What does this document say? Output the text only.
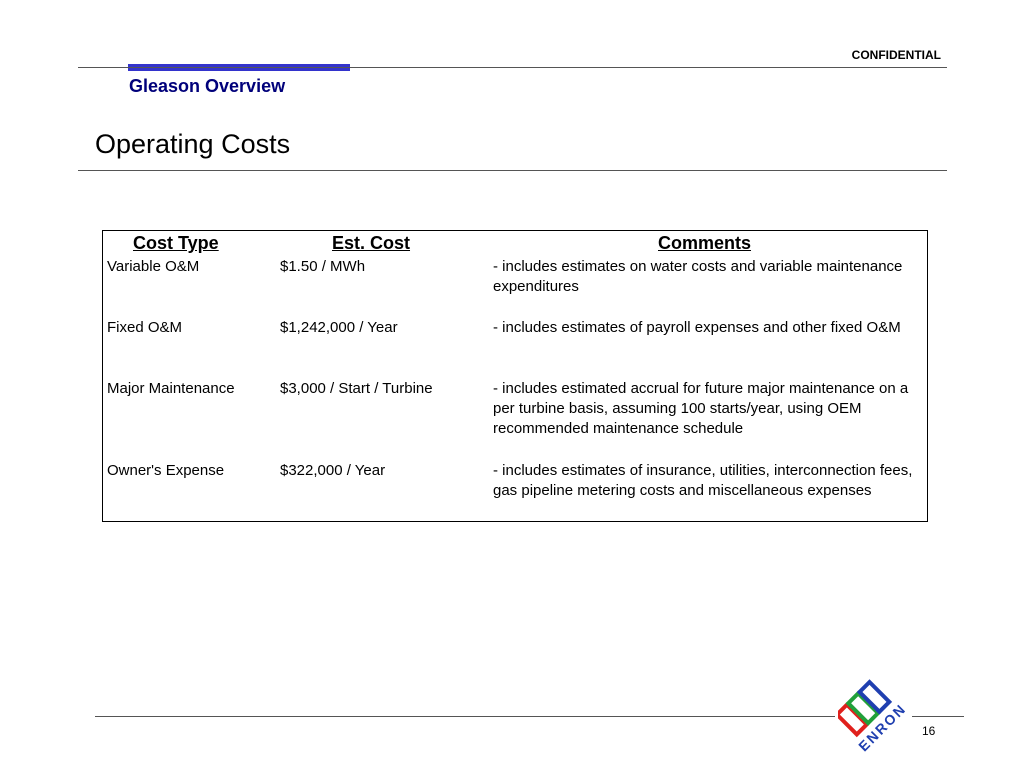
CONFIDENTIAL
Gleason Overview
Operating Costs
Cost Type	Est. Cost	Comments
Variable O&M	$1.50 / MWh	- includes estimates on water costs and variable maintenance expenditures
Fixed O&M	$1,242,000 / Year	- includes estimates of payroll expenses and other fixed O&M
Major Maintenance	$3,000 / Start / Turbine	- includes estimated accrual for future major maintenance on a per turbine basis, assuming 100 starts/year, using OEM recommended maintenance schedule
Owner's Expense	$322,000 / Year	- includes estimates of insurance, utilities, interconnection fees, gas pipeline metering costs and miscellaneous expenses
ENRON 16
